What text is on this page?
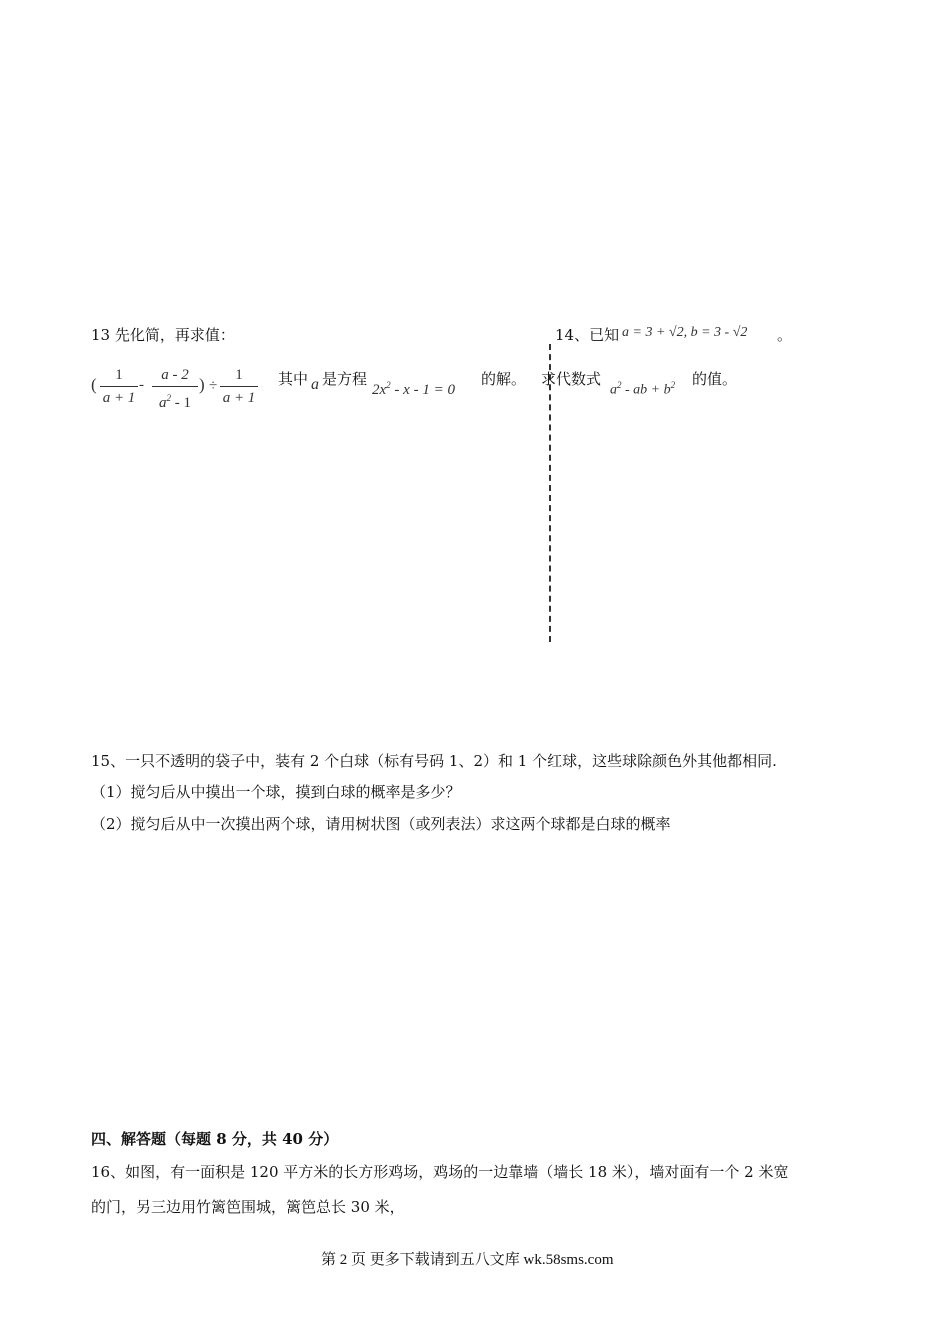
13 先化简，再求值：
(	1
a + 1
-
a - 2
$a^2 - 1$
) ÷
1
a + 1
其中 a 是方程
$2x^2 - x - 1 = 0$
的解。
14、已知 a = 3 + √2, b = 3 - √2 。
求代数式
$a^2$ - ab + $b^2$ 的值。
15、一只不透明的袋子中，装有 2 个白球（标有号码 1、2）和 1 个红球，这些球除颜色外其他都相同.
（1）搅匀后从中摸出一个球，摸到白球的概率是多少？
（2）搅匀后从中一次摸出两个球，请用树状图（或列表法）求这两个球都是白球的概率
四、解答题（每题 8 分，共 40 分）
16、如图，有一面积是 120 平方米的长方形鸡场，鸡场的一边靠墙（墙长 18 米），墙对面有一个 2 米宽
的门，另三边用竹篱笆围城，篱笆总长 30 米，
第 2 页 更多下载请到五八文库 wk.58sms.com
